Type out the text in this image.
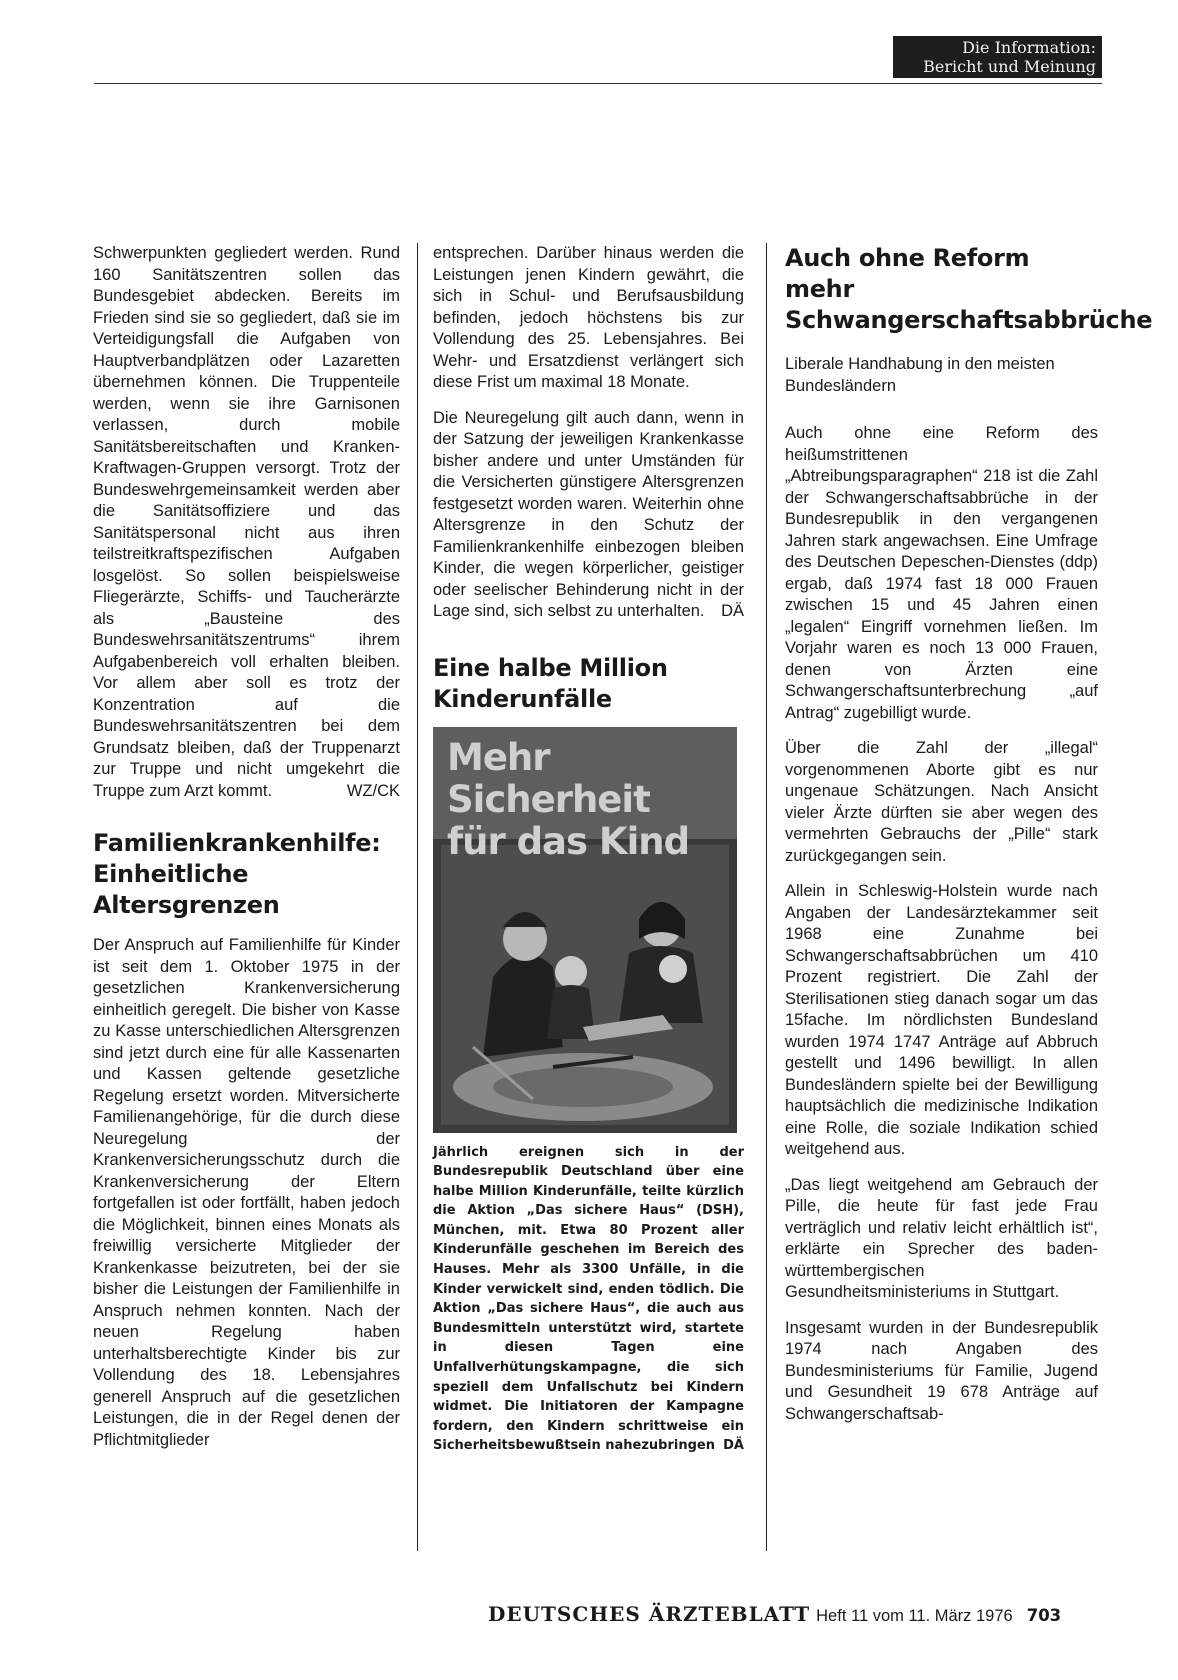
Die Information:
Bericht und Meinung

Schwerpunkten gegliedert werden. Rund 160 Sanitätszentren sollen das Bundesgebiet abdecken. Bereits im Frieden sind sie so gegliedert, daß sie im Verteidigungsfall die Aufgaben von Hauptverbandplätzen oder Lazaretten übernehmen können. Die Truppenteile werden, wenn sie ihre Garnisonen verlassen, durch mobile Sanitätsbereitschaften und Kranken-Kraftwagen-Gruppen versorgt. Trotz der Bundeswehrgemeinsamkeit werden aber die Sanitätsoffiziere und das Sanitätspersonal nicht aus ihren teilstreitkraftspezifischen Aufgaben losgelöst. So sollen beispielsweise Fliegerärzte, Schiffs- und Taucherärzte als „Bausteine des Bundeswehrsanitätszentrums“ ihrem Aufgabenbereich voll erhalten bleiben. Vor allem aber soll es trotz der Konzentration auf die Bundeswehrsanitätszentren bei dem Grundsatz bleiben, daß der Truppenarzt zur Truppe und nicht umgekehrt die Truppe zum Arzt kommt.	WZ/CK

Familienkrankenhilfe: Einheitliche Altersgrenzen

Der Anspruch auf Familienhilfe für Kinder ist seit dem 1. Oktober 1975 in der gesetzlichen Krankenversicherung einheitlich geregelt. Die bisher von Kasse zu Kasse unterschiedlichen Altersgrenzen sind jetzt durch eine für alle Kassenarten und Kassen geltende gesetzliche Regelung ersetzt worden. Mitversicherte Familienangehörige, für die durch diese Neuregelung der Krankenversicherungsschutz durch die Krankenversicherung der Eltern fortgefallen ist oder fortfällt, haben jedoch die Möglichkeit, binnen eines Monats als freiwillig versicherte Mitglieder der Krankenkasse beizutreten, bei der sie bisher die Leistungen der Familienhilfe in Anspruch nehmen konnten. Nach der neuen Regelung haben unterhaltsberechtigte Kinder bis zur Vollendung des 18. Lebensjahres generell Anspruch auf die gesetzlichen Leistungen, die in der Regel denen der Pflichtmitglieder

entsprechen. Darüber hinaus werden die Leistungen jenen Kindern gewährt, die sich in Schul- und Berufsausbildung befinden, jedoch höchstens bis zur Vollendung des 25. Lebensjahres. Bei Wehr- und Ersatzdienst verlängert sich diese Frist um maximal 18 Monate.

Die Neuregelung gilt auch dann, wenn in der Satzung der jeweiligen Krankenkasse bisher andere und unter Umständen für die Versicherten günstigere Altersgrenzen festgesetzt worden waren. Weiterhin ohne Altersgrenze in den Schutz der Familienkrankenhilfe einbezogen bleiben Kinder, die wegen körperlicher, geistiger oder seelischer Behinderung nicht in der Lage sind, sich selbst zu unterhalten. DÄ

Eine halbe Million Kinderunfälle
Mehr Sicherheit
für das Kind

Jährlich ereignen sich in der Bundesrepublik Deutschland über eine halbe Million Kinderunfälle, teilte kürzlich die Aktion „Das sichere Haus“ (DSH), München, mit. Etwa 80 Prozent aller Kinderunfälle geschehen im Bereich des Hauses. Mehr als 3300 Unfälle, in die Kinder verwickelt sind, enden tödlich. Die Aktion „Das sichere Haus“, die auch aus Bundesmitteln unterstützt wird, startete in diesen Tagen eine Unfallverhütungskampagne, die sich speziell dem Unfallschutz bei Kindern widmet. Die Initiatoren der Kampagne fordern, den Kindern schrittweise ein Sicherheitsbewußtsein nahezubringen DÄ

Auch ohne Reform mehr Schwangerschaftsabbrüche

Liberale Handhabung in den meisten Bundesländern

Auch ohne eine Reform des heißumstrittenen „Abtreibungsparagraphen“ 218 ist die Zahl der Schwangerschaftsabbrüche in der Bundesrepublik in den vergangenen Jahren stark angewachsen. Eine Umfrage des Deutschen Depeschen-Dienstes (ddp) ergab, daß 1974 fast 18 000 Frauen zwischen 15 und 45 Jahren einen „legalen“ Eingriff vornehmen ließen. Im Vorjahr waren es noch 13 000 Frauen, denen von Ärzten eine Schwangerschaftsunterbrechung „auf Antrag“ zugebilligt wurde.

Über die Zahl der „illegal“ vorgenommenen Aborte gibt es nur ungenaue Schätzungen. Nach Ansicht vieler Ärzte dürften sie aber wegen des vermehrten Gebrauchs der „Pille“ stark zurückgegangen sein.

Allein in Schleswig-Holstein wurde nach Angaben der Landesärztekammer seit 1968 eine Zunahme bei Schwangerschaftsabbrüchen um 410 Prozent registriert. Die Zahl der Sterilisationen stieg danach sogar um das 15fache. Im nördlichsten Bundesland wurden 1974 1747 Anträge auf Abbruch gestellt und 1496 bewilligt. In allen Bundesländern spielte bei der Bewilligung hauptsächlich die medizinische Indikation eine Rolle, die soziale Indikation schied weitgehend aus.

„Das liegt weitgehend am Gebrauch der Pille, die heute für fast jede Frau verträglich und relativ leicht erhältlich ist“, erklärte ein Sprecher des baden-württembergischen Gesundheitsministeriums in Stuttgart.

Insgesamt wurden in der Bundesrepublik 1974 nach Angaben des Bundesministeriums für Familie, Jugend und Gesundheit 19 678 Anträge auf Schwangerschaftsab-

DEUTSCHES ÄRZTEBLATT Heft 11 vom 11. März 1976 703
